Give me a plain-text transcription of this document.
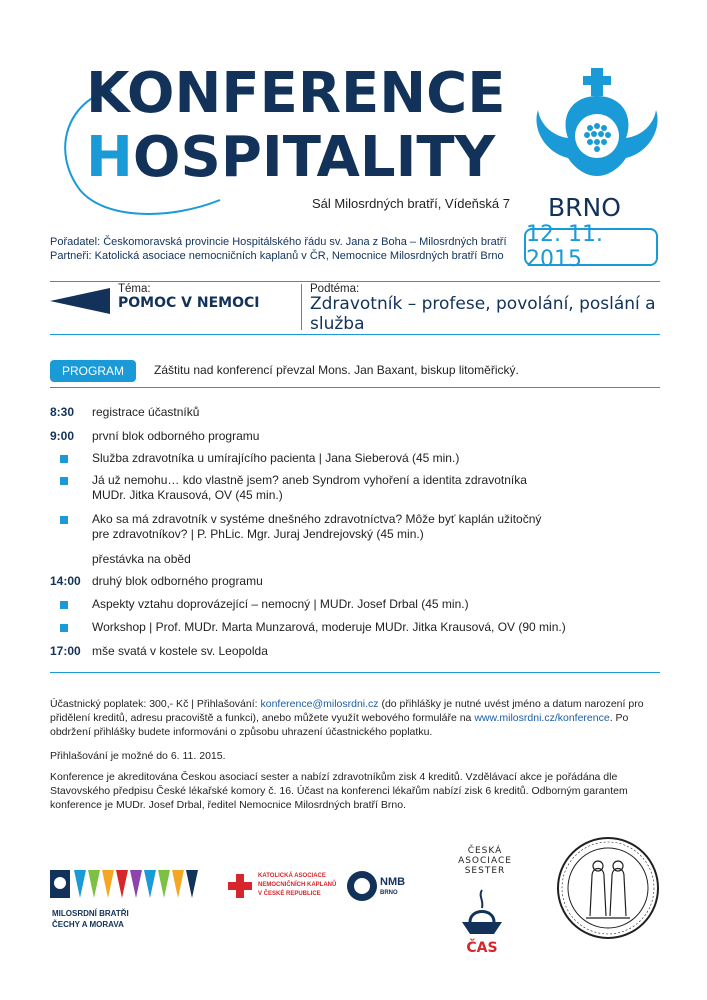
KONFERENCE
HOSPITALITY
Sál Milosrdných bratří, Vídeňská 7 BRNO
12. 11. 2015
Pořadatel: Českomoravská provincie Hospitálského řádu sv. Jana z Boha – Milosrdných bratří
Partneři: Katolická asociace nemocničních kaplanů v ČR, Nemocnice Milosrdných bratří Brno
Téma:
POMOC V NEMOCI
Podtéma:
Zdravotník – profese, povolání, poslání a služba
PROGRAM	Záštitu nad konferencí převzal Mons. Jan Baxant, biskup litoměřický.
8:30 registrace účastníků
9:00 první blok odborného programu
Služba zdravotníka u umírajícího pacienta | Jana Sieberová (45 min.)
Já už nemohu… kdo vlastně jsem? aneb Syndrom vyhoření a identita zdravotníka
MUDr. Jitka Krausová, OV (45 min.)
Ako sa má zdravotník v systéme dnešného zdravotníctva? Môže byť kaplán užitočný
pre zdravotníkov? | P. PhLic. Mgr. Juraj Jendrejovský (45 min.)
přestávka na oběd
14:00 druhý blok odborného programu
Aspekty vztahu doprovázející – nemocný | MUDr. Josef Drbal (45 min.)
Workshop | Prof. MUDr. Marta Munzarová, moderuje MUDr. Jitka Krausová, OV (90 min.)
17:00 mše svatá v kostele sv. Leopolda
Účastnický poplatek: 300,- Kč | Přihlašování: konference@milosrdni.cz (do přihlášky je nutné uvést jméno a datum narození pro přidělení kreditů, adresu pracoviště a funkci), anebo můžete využít webového formuláře na www.milosrdni.cz/konference. Po obdržení přihlášky budete informováni o způsobu uhrazení účastnického poplatku.
Přihlašování je možné do 6. 11. 2015.
Konference je akreditována Českou asociací sester a nabízí zdravotníkům zisk 4 kreditů. Vzdělávací akce je pořádána dle Stavovského předpisu České lékařské komory č. 16. Účast na konferenci lékařům nabízí zisk 6 kreditů. Odborným garantem konference je MUDr. Josef Drbal, ředitel Nemocnice Milosrdných bratří Brno.
MILOSRDNÍ BRATŘI
ČECHY A MORAVA
KATOLICKÁ ASOCIACE
NEMOCNIČNÍCH KAPLANŮ
V ČESKÉ REPUBLICE
NMB
BRNO
ČESKÁ ASOCIACE SESTER
ČAS
